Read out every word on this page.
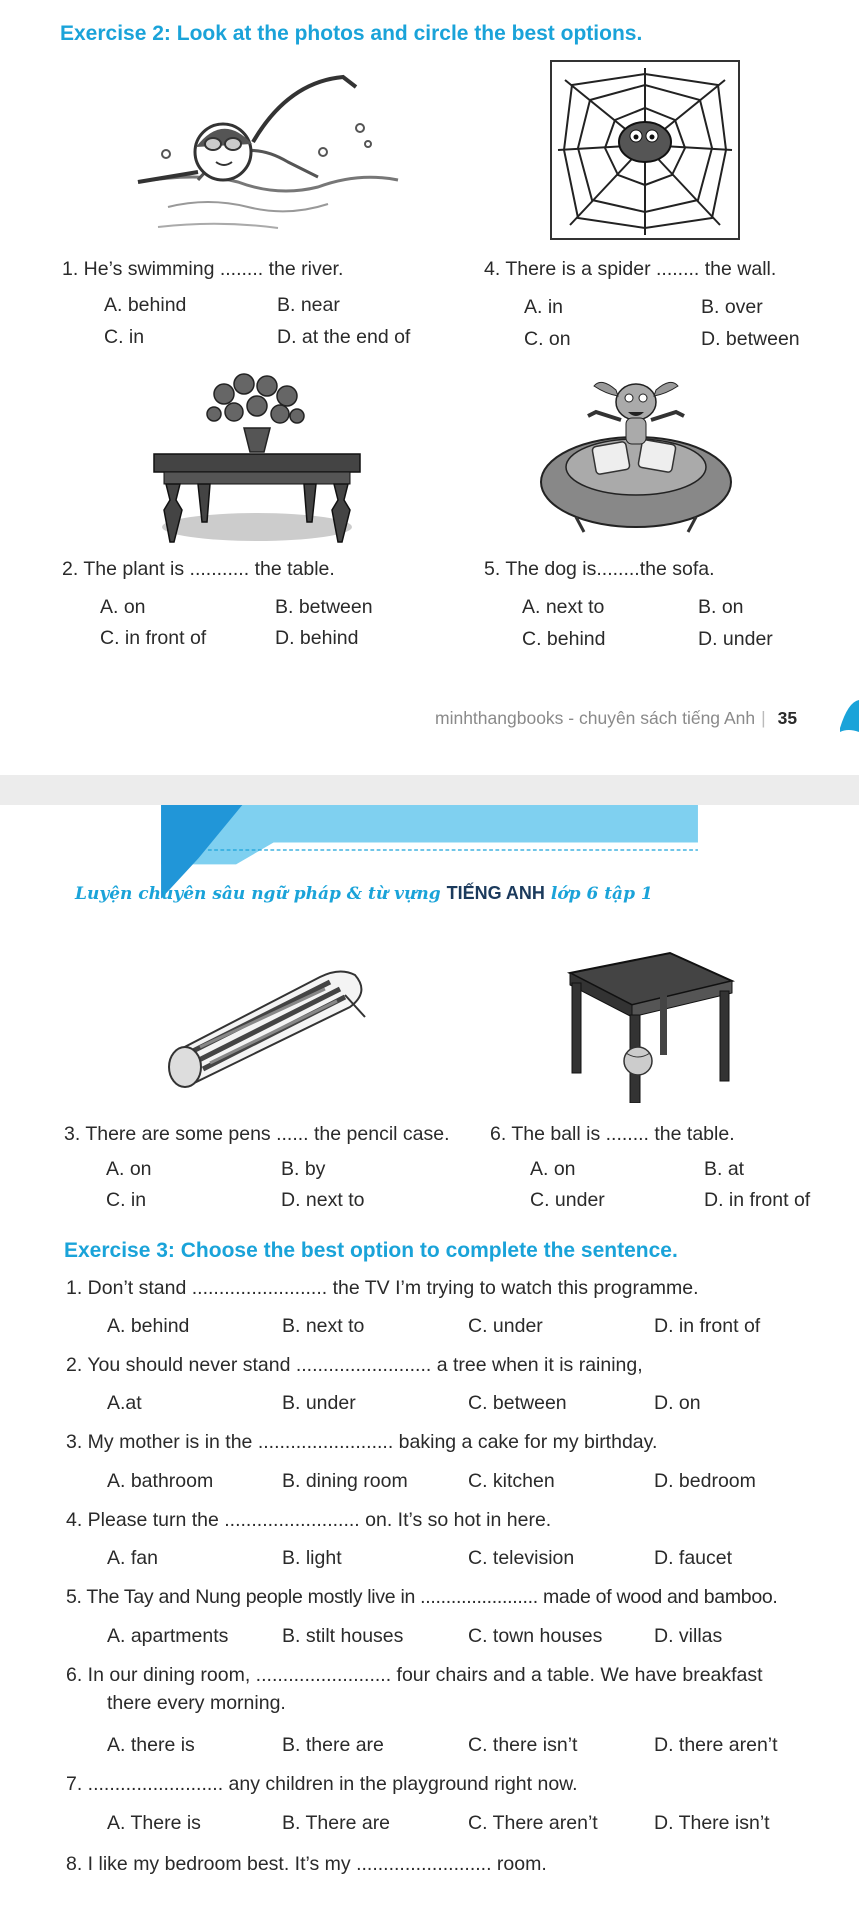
Exercise 2: Look at the photos and circle the best options.
1. He’s swimming ........ the river.	4. There is a spider ........ the wall.
A. behind	B. near
C. in	D. at the end of
A. in	B. over
C. on	D. between
2. The plant is ........... the table.	5. The dog is........the sofa.
A. on	B. between
C. in front of	D. behind
A. next to	B. on
C. behind	D. under
minhthangbooks - chuyên sách tiếng Anh | 35
Luyện chuyên sâu ngữ pháp & từ vựng TIẾNG ANH lớp 6 tập 1
3. There are some pens ...... the pencil case. 6. The ball is ........ the table.
A. on	B. by
C. in	D. next to
A. on	B. at
C. under	D. in front of
Exercise 3: Choose the best option to complete the sentence.
1. Don’t stand ......................... the TV I’m trying to watch this programme.
A. behind	B. next to	C. under	D. in front of
2. You should never stand ......................... a tree when it is raining,
A.at	B. under	C. between	D. on
3. My mother is in the ......................... baking a cake for my birthday.
A. bathroom	B. dining room	C. kitchen	D. bedroom
4. Please turn the ......................... on. It’s so hot in here.
A. fan	B. light	C. television	D. faucet
5. The Tay and Nung people mostly live in ....................... made of wood and bamboo.
A. apartments	B. stilt houses	C. town houses	D. villas
6. In our dining room, ......................... four chairs and a table. We have breakfast
there every morning.
A. there is	B. there are	C. there isn’t	D. there aren’t
7. ......................... any children in the playground right now.
A. There is	B. There are	C. There aren’t	D. There isn’t
8. I like my bedroom best. It’s my ......................... room.
